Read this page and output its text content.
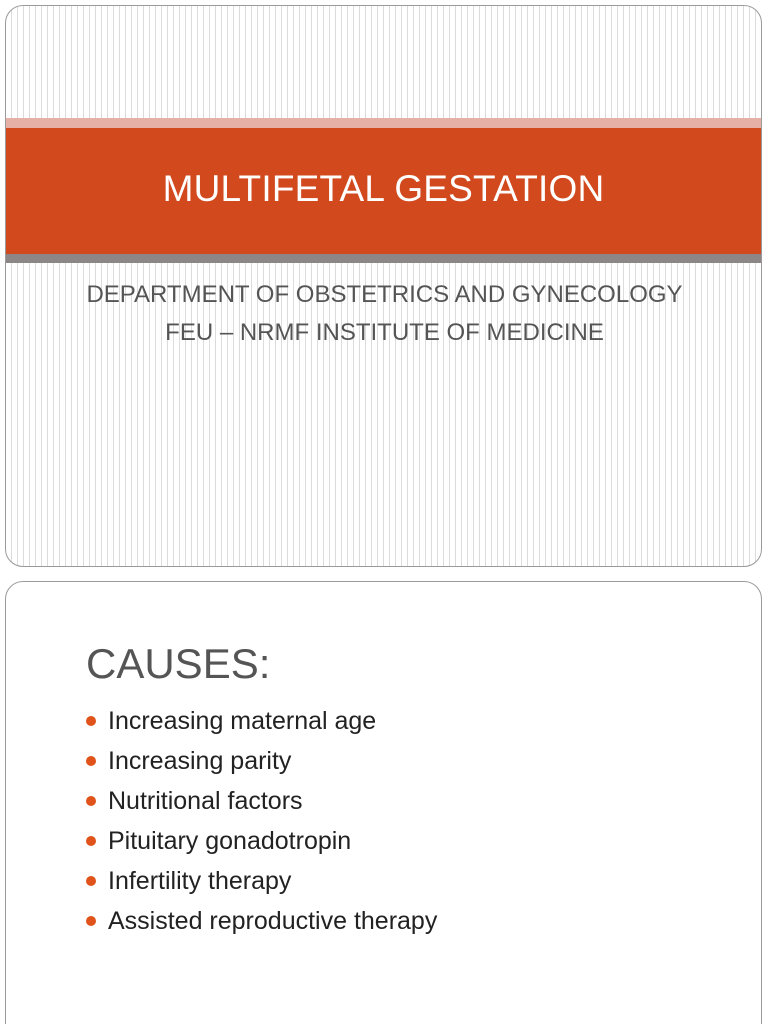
MULTIFETAL GESTATION
DEPARTMENT OF OBSTETRICS AND GYNECOLOGY
FEU – NRMF INSTITUTE OF MEDICINE
CAUSES:
Increasing maternal age
Increasing parity
Nutritional factors
Pituitary gonadotropin
Infertility therapy
Assisted reproductive therapy
